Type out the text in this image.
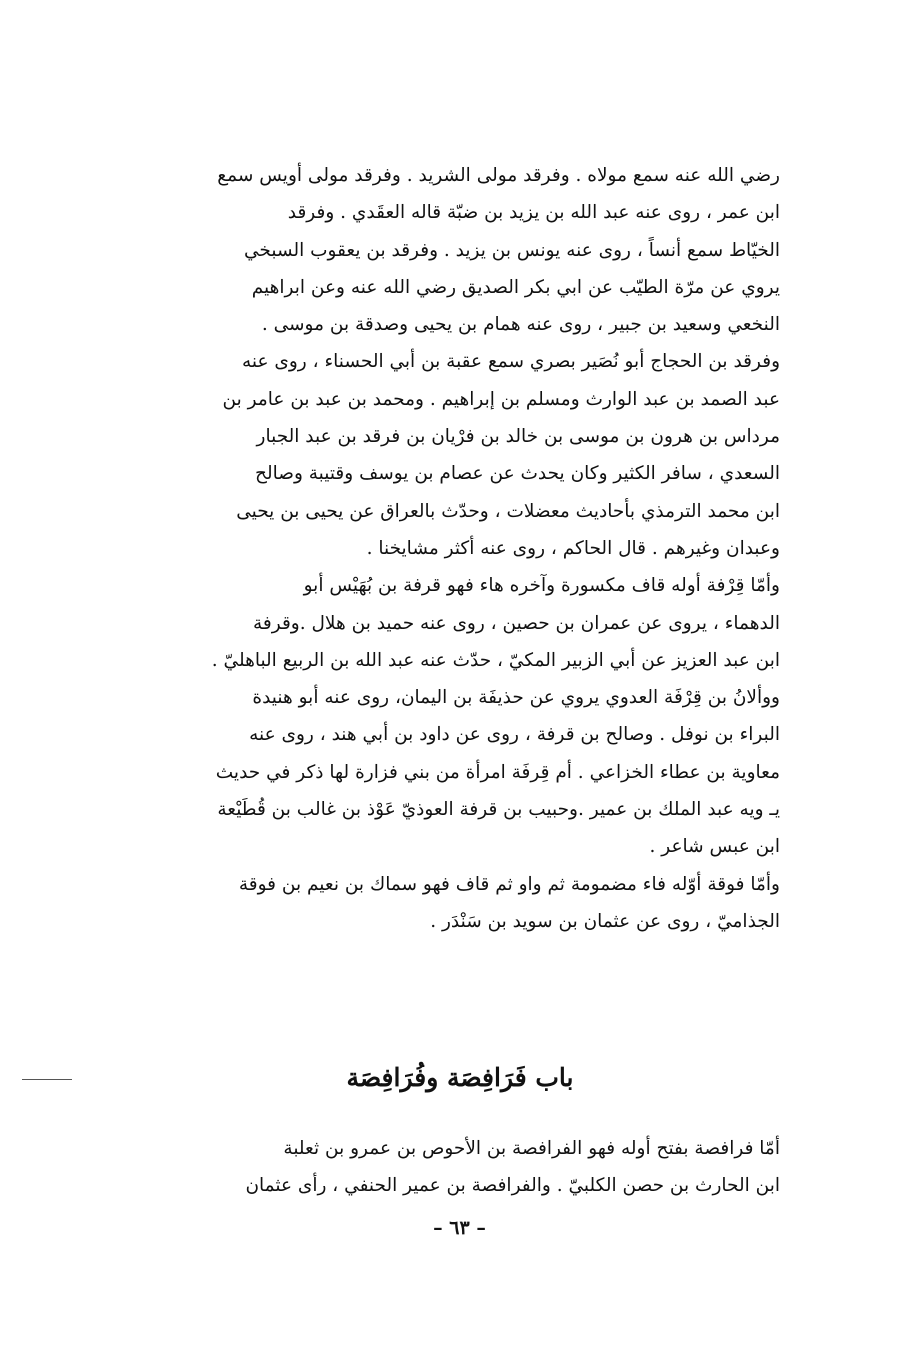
رضي الله عنه سمع مولاه . وفرقد مولى الشريد . وفرقد مولى أويس سمع
ابن عمر ، روى عنه عبد الله بن يزيد بن ضبّة قاله العقَدي . وفرقد
الخيّاط سمع أنساً ، روى عنه يونس بن يزيد . وفرقد بن يعقوب السبخي
يروي عن مرّة الطيّب عن ابي بكر الصديق رضي الله عنه وعن ابراهيم
النخعي وسعيد بن جبير ، روى عنه همام بن يحيى وصدقة بن موسى .
وفرقد بن الحجاج أبو نُصَير بصري سمع عقبة بن أبي الحسناء ، روى عنه
عبد الصمد بن عبد الوارث ومسلم بن إبراهيم . ومحمد بن عبد بن عامر بن
مرداس بن هرون بن موسى بن خالد بن فرْيان بن فرقد بن عبد الجبار
السعدي ، سافر الكثير وكان يحدث عن عصام بن يوسف وقتيبة وصالح
ابن محمد الترمذي بأحاديث معضلات ، وحدّث بالعراق عن يحيى بن يحيى
وعبدان وغيرهم . قال الحاكم ، روى عنه أكثر مشايخنا .
وأمّا قِرْفة أوله قاف مكسورة وآخره هاء فهو قرفة بن بُهَيْس أبو
الدهماء ، يروى عن عمران بن حصين ، روى عنه حميد بن هلال .وقرفة
ابن عبد العزيز عن أبي الزبير المكيّ ، حدّث عنه عبد الله بن الربيع الباهليّ .
ووألانُ بن قِرْفَة العدوي يروي عن حذيفَة بن اليمان، روى عنه أبو هنيدة
البراء بن نوفل . وصالح بن قرفة ، روى عن داود بن أبي هند ، روى عنه
معاوية بن عطاء الخزاعي . أم قِرفَة امرأة من بني فزارة لها ذكر في حديث
يـ ويه عبد الملك بن عمير .وحبيب بن قرفة العوذيّ عَوْذ بن غالب بن قُطَيْعة
ابن عبس شاعر .
وأمّا فوقة أوّله فاء مضمومة ثم واو ثم قاف فهو سماك بن نعيم بن فوقة
الجذاميّ ، روى عن عثمان بن سويد بن سَنْدَر .
باب فَرَافِصَة وفُرَافِصَة
أمّا فرافصة بفتح أوله فهو الفرافصة بن الأحوص بن عمرو بن ثعلبة
ابن الحارث بن حصن الكلبيّ . والفرافصة بن عمير الحنفي ، رأى عثمان
– ٦٣ –
